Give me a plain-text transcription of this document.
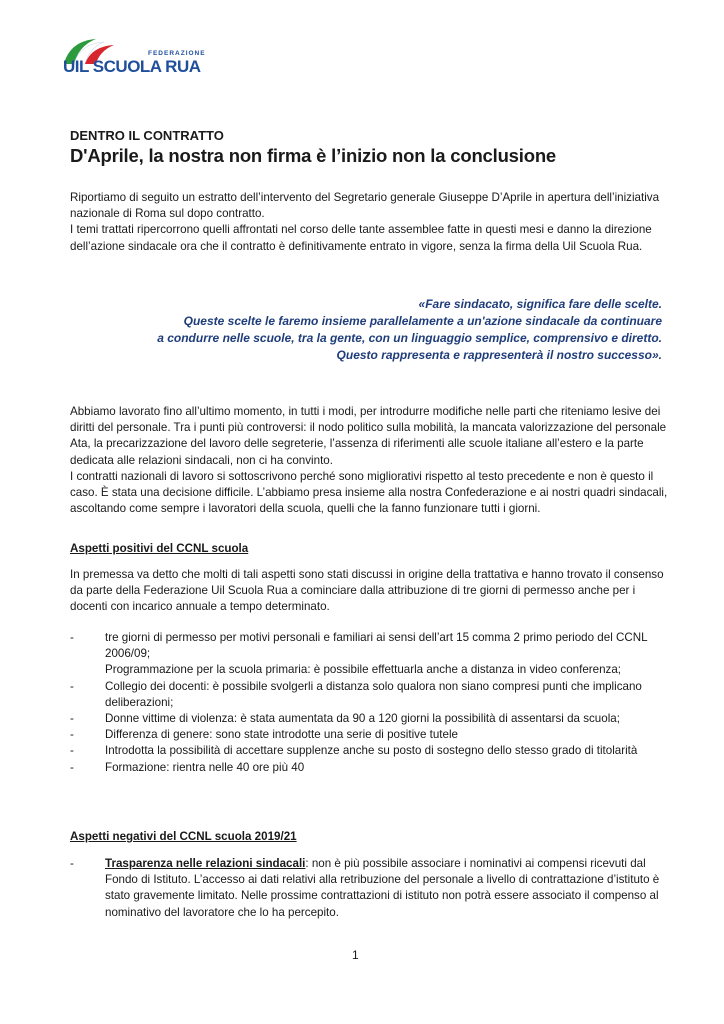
FEDERAZIONE
UIL SCUOLA RUA
DENTRO IL CONTRATTO
D'Aprile, la nostra non firma è l’inizio non la conclusione

Riportiamo di seguito un estratto dell’intervento del Segretario generale Giuseppe D’Aprile in apertura dell’iniziativa nazionale di Roma sul dopo contratto.

I temi trattati ripercorrono quelli affrontati nel corso delle tante assemblee fatte in questi mesi e danno la direzione dell’azione sindacale ora che il contratto è definitivamente entrato in vigore, senza la firma della Uil Scuola Rua.

«Fare sindacato, significa fare delle scelte.
Queste scelte le faremo insieme parallelamente a un'azione sindacale da continuare
a condurre nelle scuole, tra la gente, con un linguaggio semplice, comprensivo e diretto.
Questo rappresenta e rappresenterà il nostro successo».

Abbiamo lavorato fino all’ultimo momento, in tutti i modi, per introdurre modifiche nelle parti che riteniamo lesive dei diritti del personale. Tra i punti più controversi: il nodo politico sulla mobilità, la mancata valorizzazione del personale Ata, la precarizzazione del lavoro delle segreterie, l’assenza di riferimenti alle scuole italiane all’estero e la parte dedicata alle relazioni sindacali, non ci ha convinto.

I contratti nazionali di lavoro si sottoscrivono perché sono migliorativi rispetto al testo precedente e non è questo il caso. È stata una decisione difficile. L’abbiamo presa insieme alla nostra Confederazione e ai nostri quadri sindacali, ascoltando come sempre i lavoratori della scuola, quelli che la fanno funzionare tutti i giorni.

Aspetti positivi del CCNL scuola

In premessa va detto che molti di tali aspetti sono stati discussi in origine della trattativa e hanno trovato il consenso da parte della Federazione Uil Scuola Rua a cominciare dalla attribuzione di tre giorni di permesso anche per i docenti con incarico annuale a tempo determinato.

-	tre giorni di permesso per motivi personali e familiari ai sensi dell’art 15 comma 2 primo periodo del CCNL 2006/09;
Programmazione per la scuola primaria: è possibile effettuarla anche a distanza in video conferenza;
-	Collegio dei docenti: è possibile svolgerli a distanza solo qualora non siano compresi punti che implicano deliberazioni;
-	Donne vittime di violenza: è stata aumentata da 90 a 120 giorni la possibilità di assentarsi da scuola;
-	Differenza di genere: sono state introdotte una serie di positive tutele
-	Introdotta la possibilità di accettare supplenze anche su posto di sostegno dello stesso grado di titolarità
-	Formazione: rientra nelle 40 ore più 40
Aspetti negativi del CCNL scuola 2019/21
-	Trasparenza nelle relazioni sindacali: non è più possibile associare i nominativi ai compensi ricevuti dal Fondo di Istituto. L’accesso ai dati relativi alla retribuzione del personale a livello di contrattazione d’istituto è stato gravemente limitato. Nelle prossime contrattazioni di istituto non potrà essere associato il compenso al nominativo del lavoratore che lo ha percepito.
1
